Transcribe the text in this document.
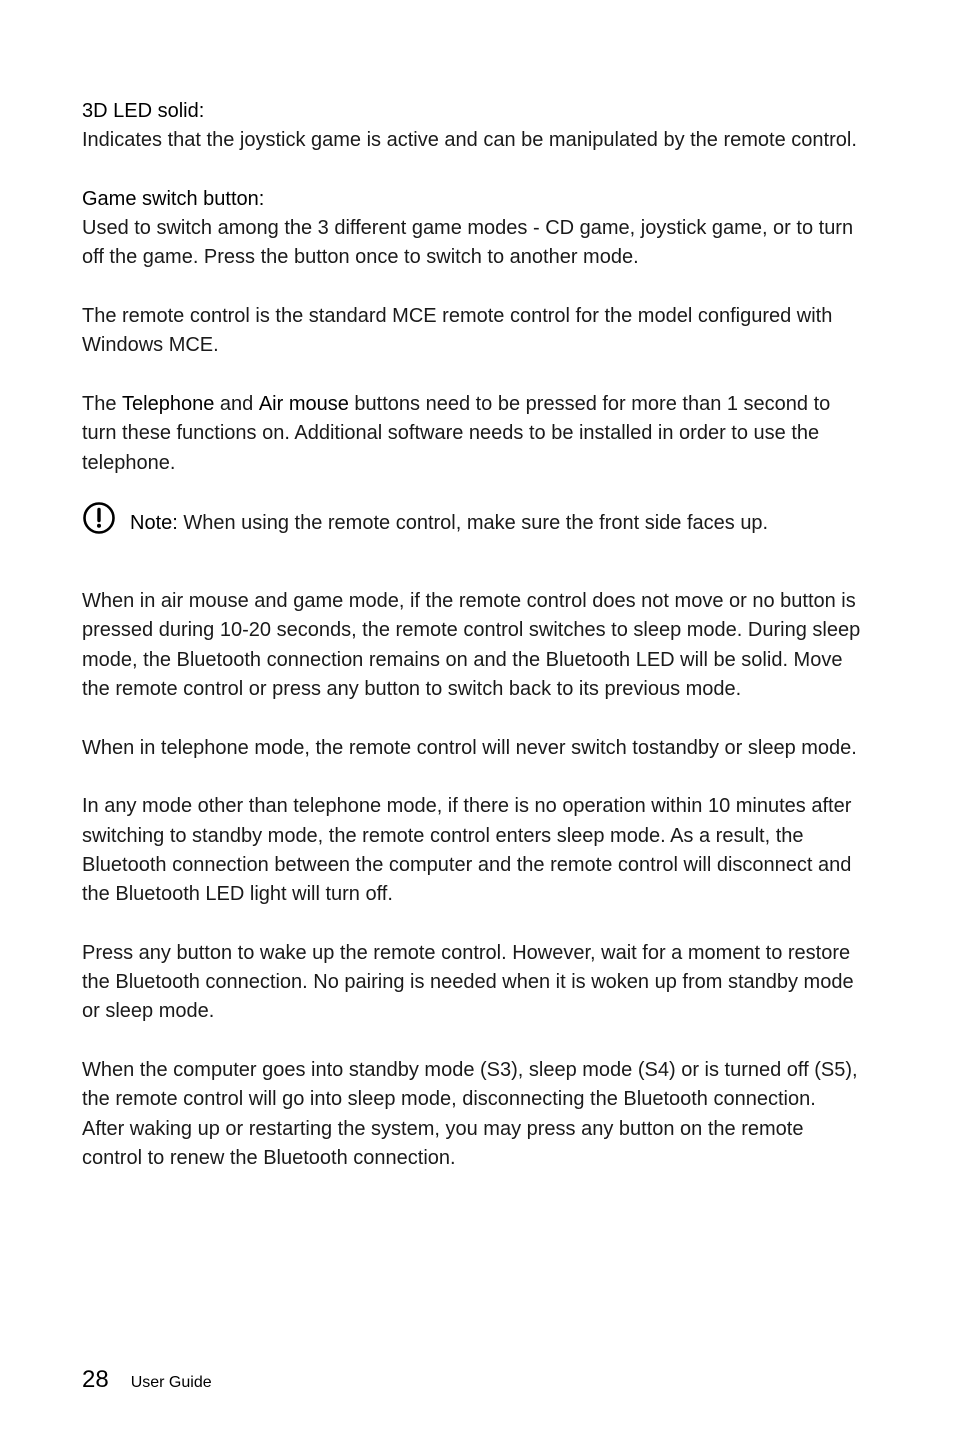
3D LED solid:
Indicates that the joystick game is active and can be manipulated by the remote control.

Game switch button:
Used to switch among the 3 different game modes - CD game, joystick game, or to turn off the game. Press the button once to switch to another mode.

The remote control is the standard MCE remote control for the model configured with Windows MCE.

The Telephone and Air mouse buttons need to be pressed for more than 1 second to turn these functions on. Additional software needs to be installed in order to use the telephone.

Note: When using the remote control, make sure the front side faces up.

When in air mouse and game mode, if the remote control does not move or no button is pressed during 10-20 seconds, the remote control switches to sleep mode. During sleep mode, the Bluetooth connection remains on and the Bluetooth LED will be solid. Move the remote control or press any button to switch back to its previous mode.

When in telephone mode, the remote control will never switch tostandby or sleep mode.

In any mode other than telephone mode, if there is no operation within 10 minutes after switching to standby mode, the remote control enters sleep mode. As a result, the Bluetooth connection between the computer and the remote control will disconnect and the Bluetooth LED light will turn off.

Press any button to wake up the remote control. However, wait for a moment to restore the Bluetooth connection. No pairing is needed when it is woken up from standby mode or sleep mode.

When the computer goes into standby mode (S3), sleep mode (S4) or is turned off (S5), the remote control will go into sleep mode, disconnecting the Bluetooth connection. After waking up or restarting the system, you may press any button on the remote control to renew the Bluetooth connection.

28 User Guide
